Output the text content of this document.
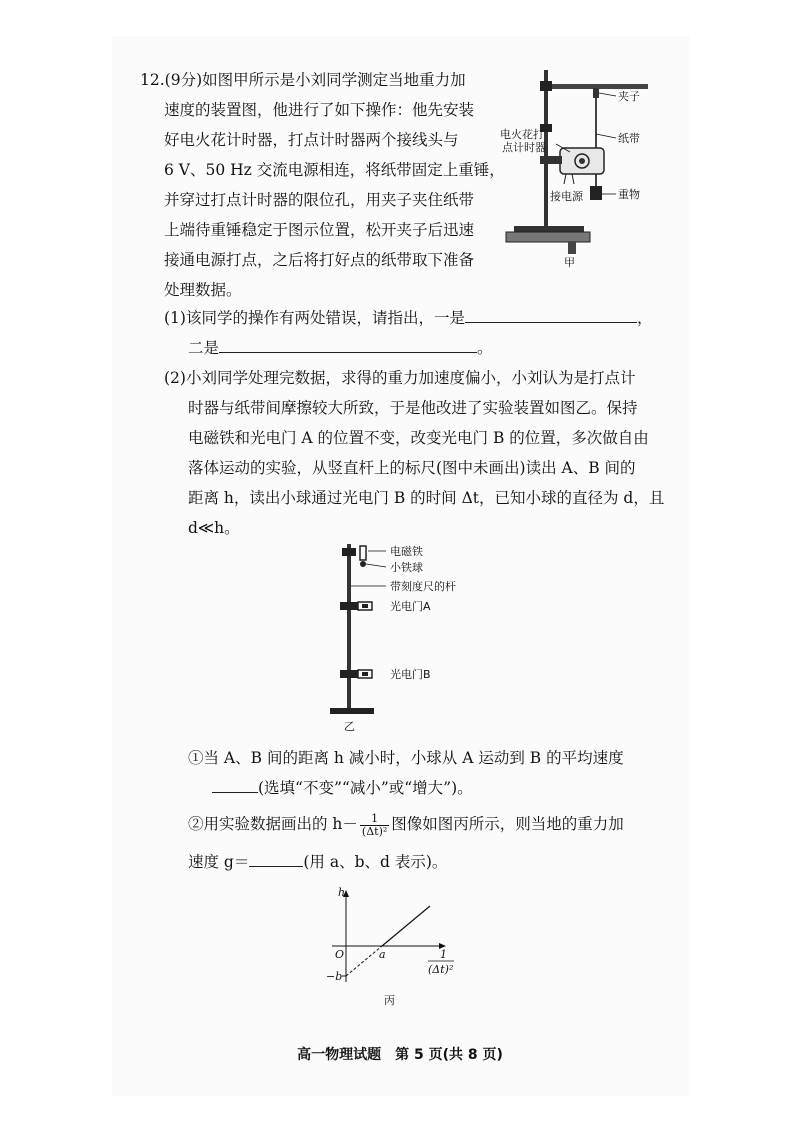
12.(9分)如图甲所示是小刘同学测定当地重力加
速度的装置图，他进行了如下操作：他先安装
好电火花计时器，打点计时器两个接线头与
6 V、50 Hz 交流电源相连，将纸带固定上重锤，
并穿过打点计时器的限位孔，用夹子夹住纸带
上端待重锤稳定于图示位置，松开夹子后迅速
接通电源打点，之后将打好点的纸带取下准备
处理数据。
夹子
电火花打
点计时器
纸带
接电源	重物
甲
(1)该同学的操作有两处错误，请指出，一是	，
二是	。
(2)小刘同学处理完数据，求得的重力加速度偏小，小刘认为是打点计
时器与纸带间摩擦较大所致，于是他改进了实验装置如图乙。保持
电磁铁和光电门 A 的位置不变，改变光电门 B 的位置，多次做自由
落体运动的实验，从竖直杆上的标尺(图中未画出)读出 A、B 间的
距离 h，读出小球通过光电门 B 的时间 Δt，已知小球的直径为 d，且
d≪h。
电磁铁
小铁球
带刻度尺的杆
光电门A
光电门B
乙
①当 A、B 间的距离 h 减小时，小球从 A 运动到 B 的平均速度
(选填“不变”“减小”或“增大”)。
②用实验数据画出的 $h- \frac{1}{\text{(Δt)²}}$ 图像如图丙所示，则当地的重力加
速度 g＝	(用 a、b、d 表示)。
h
O	a
−b
1
(Δt)²
丙
高一物理试题　第 5 页(共 8 页)
